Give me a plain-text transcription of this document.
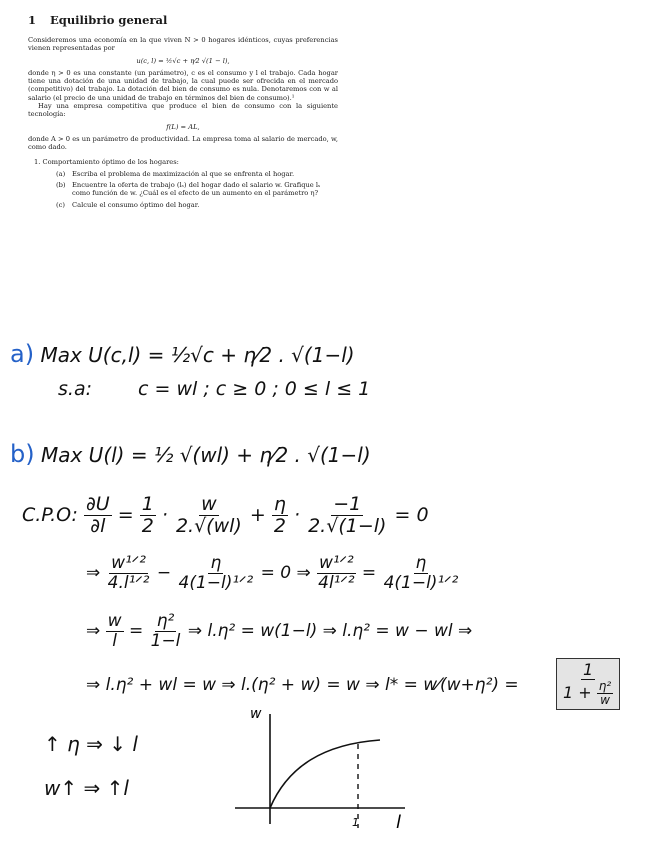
1 Equilibrio general

Consideremos una economía en la que viven N > 0 hogares idénticos, cuyas preferencias vienen representadas por

u(c, l) = ½√c + η⁄2 √(1 − l),

donde η > 0 es una constante (un parámetro), c es el consumo y l el trabajo. Cada hogar tiene una dotación de una unidad de trabajo, la cual puede ser ofrecida en el mercado (competitivo) del trabajo. La dotación del bien de consumo es nula. Denotaremos con w al salario (el precio de una unidad de trabajo en términos del bien de consumo).¹

Hay una empresa competitiva que produce el bien de consumo con la siguiente tecnología:

f(L) = AL,

donde A > 0 es un parámetro de productividad. La empresa toma al salario de mercado, w, como dado.

1. Comportamiento óptimo de los hogares:
(a) Escriba el problema de maximización al que se enfrenta el hogar.
(b) Encuentre la oferta de trabajo (lₛ) del hogar dado el salario w. Grafique lₛ como función de w. ¿Cuál es el efecto de un aumento en el parámetro η?
(c) Calcule el consumo óptimo del hogar.
a) Max U(c,l) = ½√c + η⁄2 . √(1−l)
s.a: c = wl ; c ≥ 0 ; 0 ≤ l ≤ 1
b) Max U(l) = ½ √(wl) + η⁄2 . √(1−l)
C.P.O: $\frac{\partial U}{\partial l} = \frac{1}{2} \cdot \frac{w}{2.√(wl)} + \frac{\eta}{2} \cdot \frac{-1}{2.√(1-l)} = 0$
⇒
w¹ᐟ²
4.l¹ᐟ² −
η
4(1−l)¹ᐟ² = 0 ⇒
w¹ᐟ²
4l¹ᐟ² =
η
4(1−l)¹ᐟ²
⇒ $\frac{w}{l} = \frac{\text{η²}}{1-l}$ ⇒ l.η² = w(1−l) ⇒ l.η² = w − wl ⇒
⇒ l.η² + wl = w ⇒ l.(η² + w) = w ⇒ l* = w⁄(w+η²) =	$\frac{1}{1 + \frac{\text{η²}}{w}}$
↑ η ⇒ ↓ l
w↑ ⇒ ↑l
w
l
1
